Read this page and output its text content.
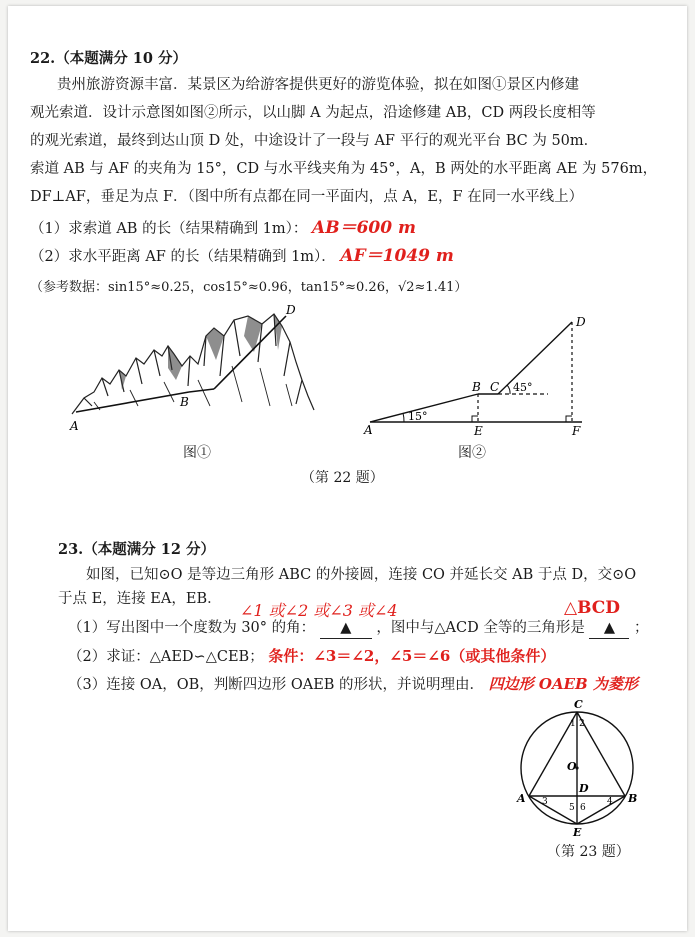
22.（本题满分 10 分）
贵州旅游资源丰富．某景区为给游客提供更好的游览体验，拟在如图①景区内修建
观光索道．设计示意图如图②所示，以山脚 A 为起点，沿途修建 AB，CD 两段长度相等
的观光索道，最终到达山顶 D 处，中途设计了一段与 AF 平行的观光平台 BC 为 50m．
索道 AB 与 AF 的夹角为 15°，CD 与水平线夹角为 45°，A，B 两处的水平距离 AE 为 576m，
DF⊥AF，垂足为点 F．（图中所有点都在同一平面内，点 A，E，F 在同一水平线上）
（1）求索道 AB 的长（结果精确到 1m）： AB＝600 m
（2）求水平距离 AF 的长（结果精确到 1m）． AF＝1049 m
（参考数据：sin15°≈0.25，cos15°≈0.96，tan15°≈0.26，√2≈1.41）
A
B
D
图①
15°
45°
A
B C
D
E	F
图②
（第 22 题）
23.（本题满分 12 分）
如图，已知⊙O 是等边三角形 ABC 的外接圆，连接 CO 并延长交 AB 于点 D，交⊙O
于点 E，连接 EA，EB．
∠1 或∠2 或∠3 或∠4	△BCD
（1）写出图中一个度数为 30° 的角： ▲ ，图中与△ACD 全等的三角形是 ▲ ；
（2）求证：△AED∽△CEB； 条件：∠3＝∠2，∠5＝∠6（或其他条件）
（3）连接 OA，OB，判断四边形 OAEB 的形状，并说明理由． 四边形 OAEB 为菱形
C
A	B
D
E
O
1 2
3	4
5 6
（第 23 题）
